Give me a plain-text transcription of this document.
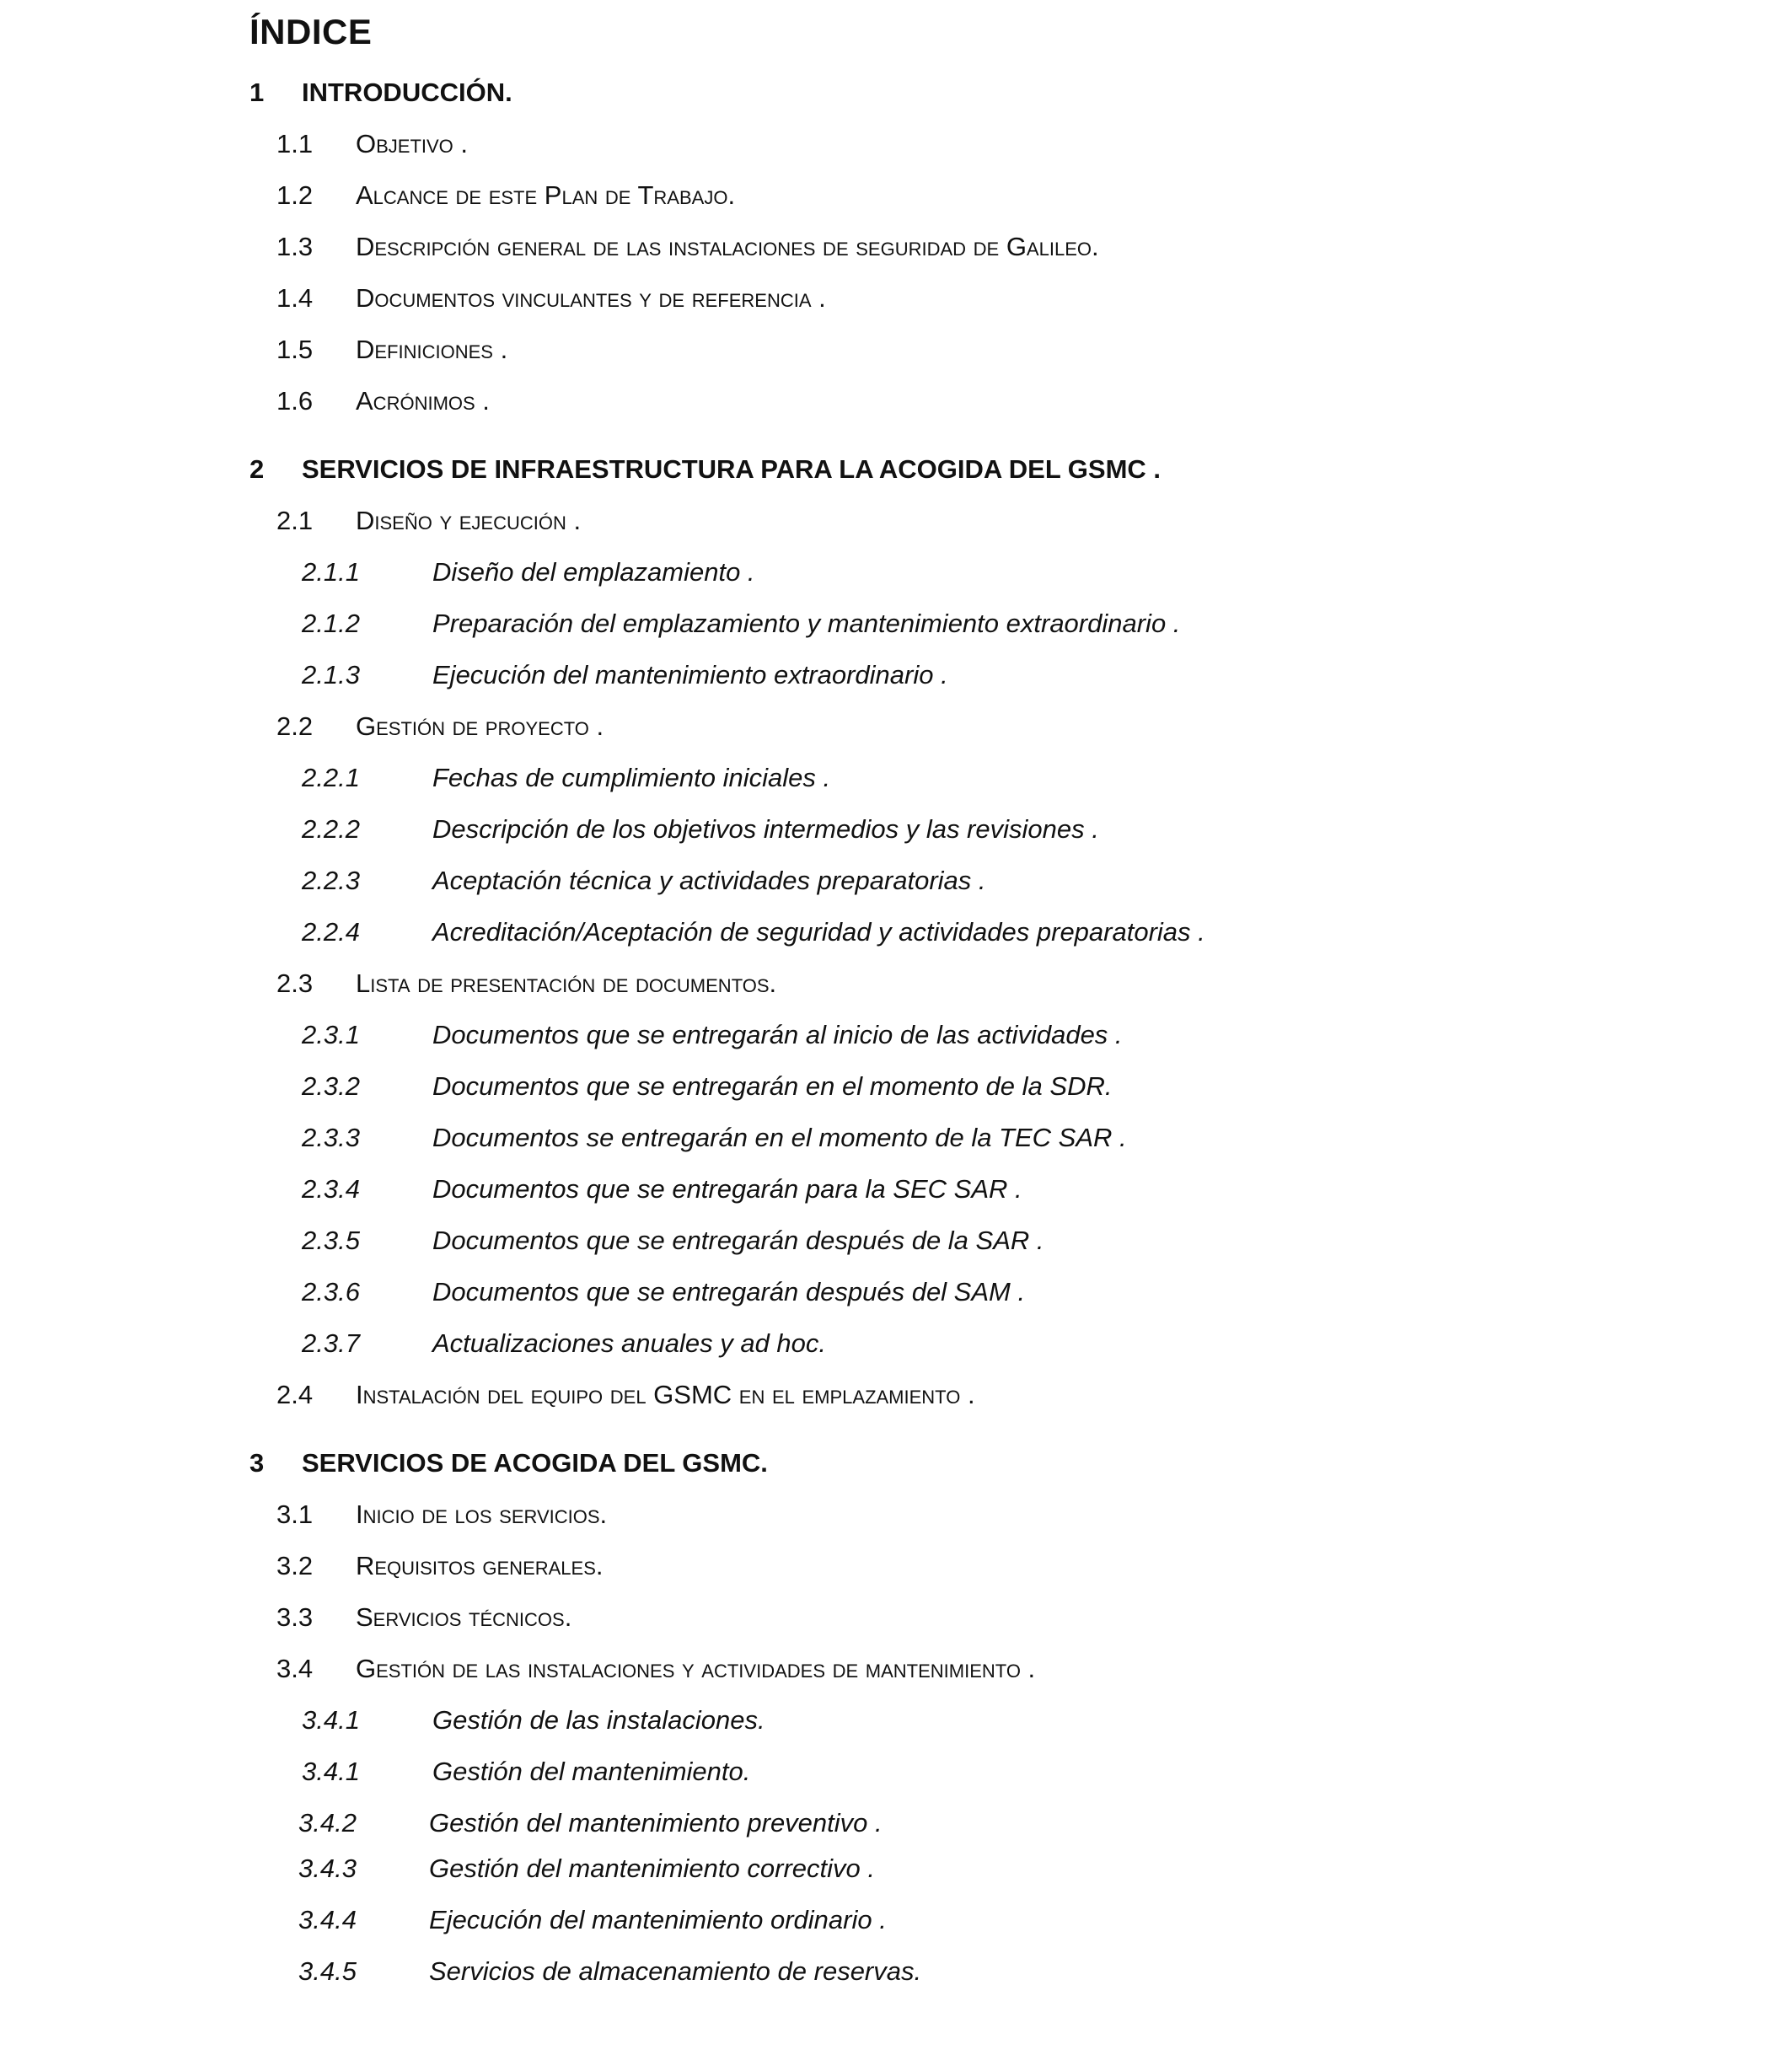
ÍNDICE
1 INTRODUCCIÓN.
1.1 Objetivo .
1.2 Alcance de este Plan de Trabajo.
1.3 Descripción general de las instalaciones de seguridad de Galileo.
1.4 Documentos vinculantes y de referencia .
1.5 Definiciones .
1.6 Acrónimos .
2 SERVICIOS DE INFRAESTRUCTURA PARA LA ACOGIDA DEL GSMC .
2.1 Diseño y ejecución .
2.1.1	Diseño del emplazamiento .
2.1.2	Preparación del emplazamiento y mantenimiento extraordinario .
2.1.3	Ejecución del mantenimiento extraordinario .
2.2 Gestión de proyecto .
2.2.1	Fechas de cumplimiento iniciales .
2.2.2	Descripción de los objetivos intermedios y las revisiones .
2.2.3	Aceptación técnica y actividades preparatorias .
2.2.4	Acreditación/Aceptación de seguridad y actividades preparatorias .
2.3 Lista de presentación de documentos.
2.3.1	Documentos que se entregarán al inicio de las actividades .
2.3.2	Documentos que se entregarán en el momento de la SDR.
2.3.3	Documentos se entregarán en el momento de la TEC SAR .
2.3.4	Documentos que se entregarán para la SEC SAR .
2.3.5	Documentos que se entregarán después de la SAR .
2.3.6	Documentos que se entregarán después del SAM .
2.3.7	Actualizaciones anuales y ad hoc.
2.4 Instalación del equipo del GSMC en el emplazamiento .
3 SERVICIOS DE ACOGIDA DEL GSMC.
3.1 Inicio de los servicios.
3.2 Requisitos generales.
3.3 Servicios técnicos.
3.4 Gestión de las instalaciones y actividades de mantenimiento .
3.4.1	Gestión de las instalaciones.
3.4.1	Gestión del mantenimiento.
3.4.2	Gestión del mantenimiento preventivo .
3.4.3	Gestión del mantenimiento correctivo .
3.4.4	Ejecución del mantenimiento ordinario .
3.4.5	Servicios de almacenamiento de reservas.
